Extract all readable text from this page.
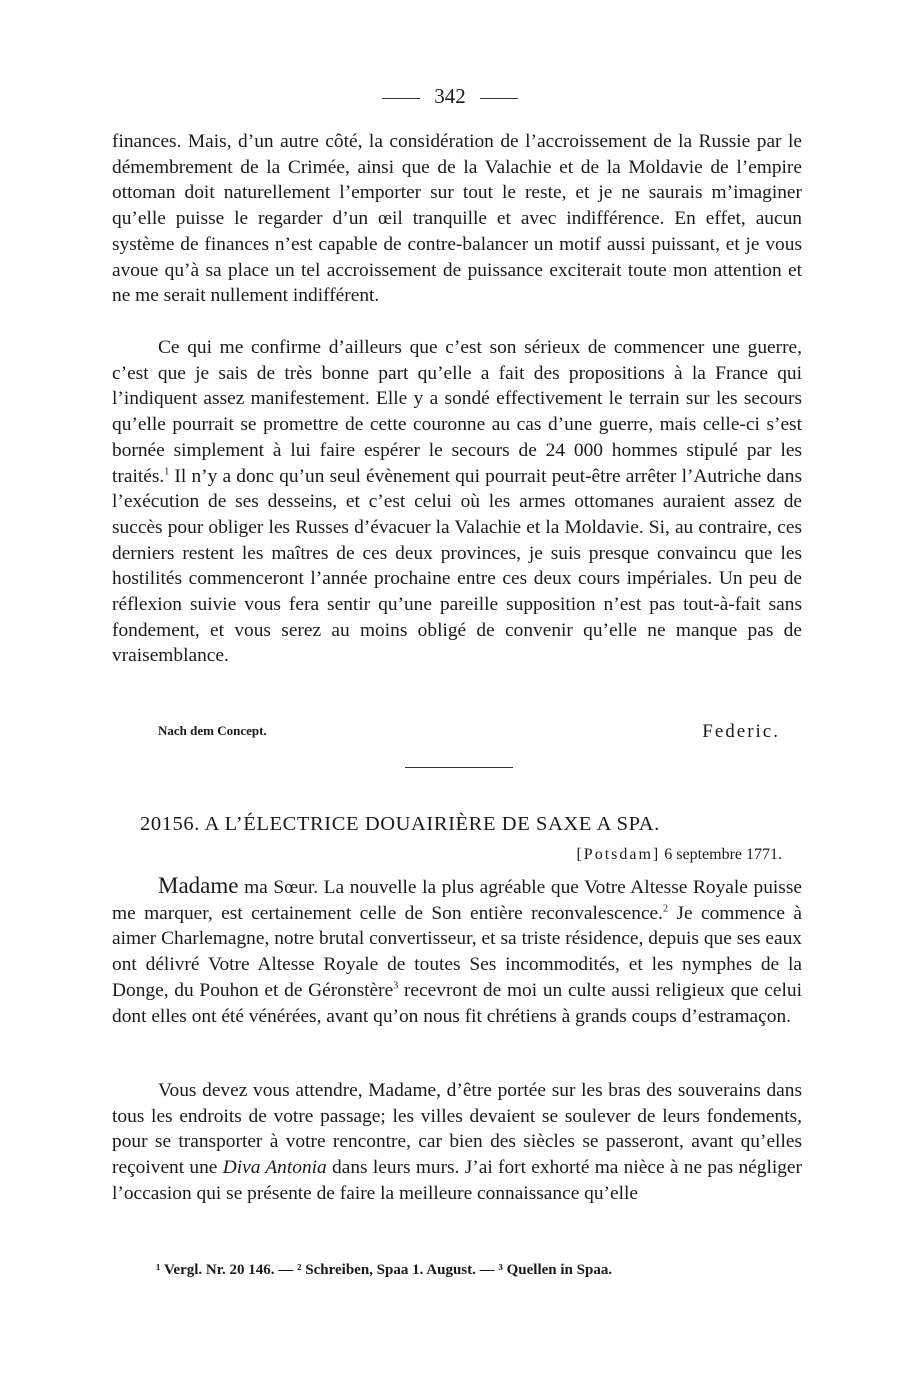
342

finances. Mais, d’un autre côté, la considération de l’accroissement de la Russie par le démembrement de la Crimée, ainsi que de la Valachie et de la Moldavie de l’empire ottoman doit naturellement l’emporter sur tout le reste, et je ne saurais m’imaginer qu’elle puisse le regarder d’un œil tranquille et avec indifférence. En effet, aucun système de finances n’est capable de contre-balancer un motif aussi puissant, et je vous avoue qu’à sa place un tel accroissement de puissance exciterait toute mon attention et ne me serait nullement indifférent.

Ce qui me confirme d’ailleurs que c’est son sérieux de commencer une guerre, c’est que je sais de très bonne part qu’elle a fait des propositions à la France qui l’indiquent assez manifestement. Elle y a sondé effectivement le terrain sur les secours qu’elle pourrait se promettre de cette couronne au cas d’une guerre, mais celle-ci s’est bornée simplement à lui faire espérer le secours de 24 000 hommes stipulé par les traités.$^1$ Il n’y a donc qu’un seul évènement qui pourrait peut-être arrêter l’Autriche dans l’exécution de ses desseins, et c’est celui où les armes ottomanes auraient assez de succès pour obliger les Russes d’évacuer la Valachie et la Moldavie. Si, au contraire, ces derniers restent les maîtres de ces deux provinces, je suis presque convaincu que les hostilités commenceront l’année prochaine entre ces deux cours impériales. Un peu de réflexion suivie vous fera sentir qu’une pareille supposition n’est pas tout-à-fait sans fondement, et vous serez au moins obligé de convenir qu’elle ne manque pas de vraisemblance.

Nach dem Concept.	Federic.
20156. A L’ÉLECTRICE DOUAIRIÈRE DE SAXE A SPA.
[Potsdam] 6 septembre 1771.

Madame ma Sœur. La nouvelle la plus agréable que Votre Altesse Royale puisse me marquer, est certainement celle de Son entière reconvalescence.$^2$ Je commence à aimer Charlemagne, notre brutal convertisseur, et sa triste résidence, depuis que ses eaux ont délivré Votre Altesse Royale de toutes Ses incommodités, et les nymphes de la Donge, du Pouhon et de Géronstère$^3$ recevront de moi un culte aussi religieux que celui dont elles ont été vénérées, avant qu’on nous fit chrétiens à grands coups d’estramaçon.

Vous devez vous attendre, Madame, d’être portée sur les bras des souverains dans tous les endroits de votre passage; les villes devaient se soulever de leurs fondements, pour se transporter à votre rencontre, car bien des siècles se passeront, avant qu’elles reçoivent une Diva Antonia dans leurs murs. J’ai fort exhorté ma nièce à ne pas négliger l’occasion qui se présente de faire la meilleure connaissance qu’elle

¹ Vergl. Nr. 20 146. — ² Schreiben, Spaa 1. August. — ³ Quellen in Spaa.
